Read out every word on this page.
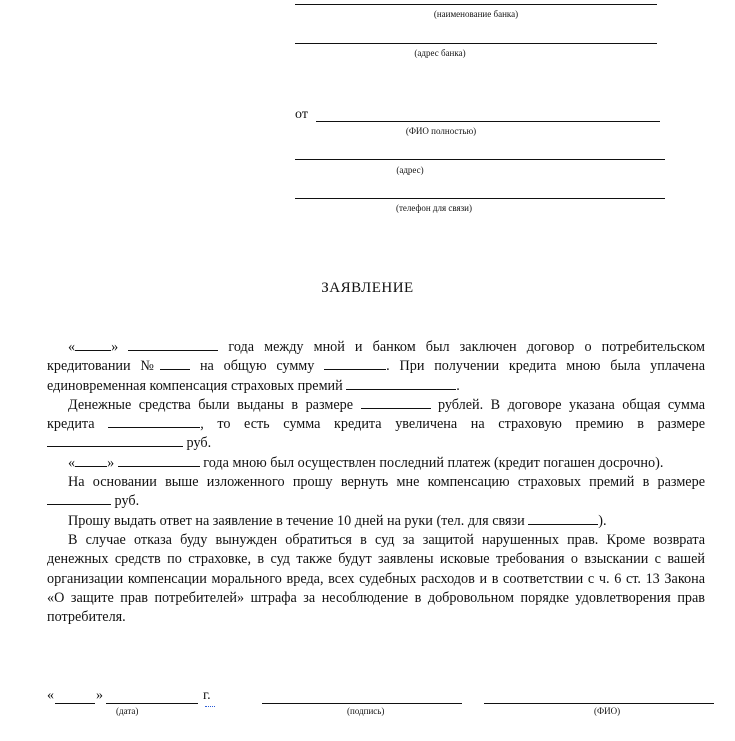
(наименование банка)
(адрес банка)
от
(ФИО полностью)
(адрес)
(телефон для связи)
ЗАЯВЛЕНИЕ

«	»	года между мной и банком был заключен договор о потребительском кредитовании №	на общую сумму	. При получении кредита мною была уплачена единовременная компенсация страховых премий	.

Денежные средства были выданы в размере	рублей. В договоре указана общая сумма кредита	, то есть сумма кредита увеличена на страховую премию в размере  руб.

« »	года мною был осуществлен последний платеж (кредит погашен досрочно).

На основании выше изложенного прошу вернуть мне компенсацию страховых премий в размере  руб.

Прошу выдать ответ на заявление в течение 10 дней на руки (тел. для связи	).

В случае отказа буду вынужден обратиться в суд за защитой нарушенных прав. Кроме возврата денежных средств по страховке, в суд также будут заявлены исковые требования о взыскании с вашей организации компенсации морального вреда, всех судебных расходов и в соответствии с ч. 6 ст. 13 Закона «О защите прав потребителей» штрафа за несоблюдение в добровольном порядке удовлетворения прав потребителя.

«	»	г.
(дата)	(подпись)	(ФИО)
